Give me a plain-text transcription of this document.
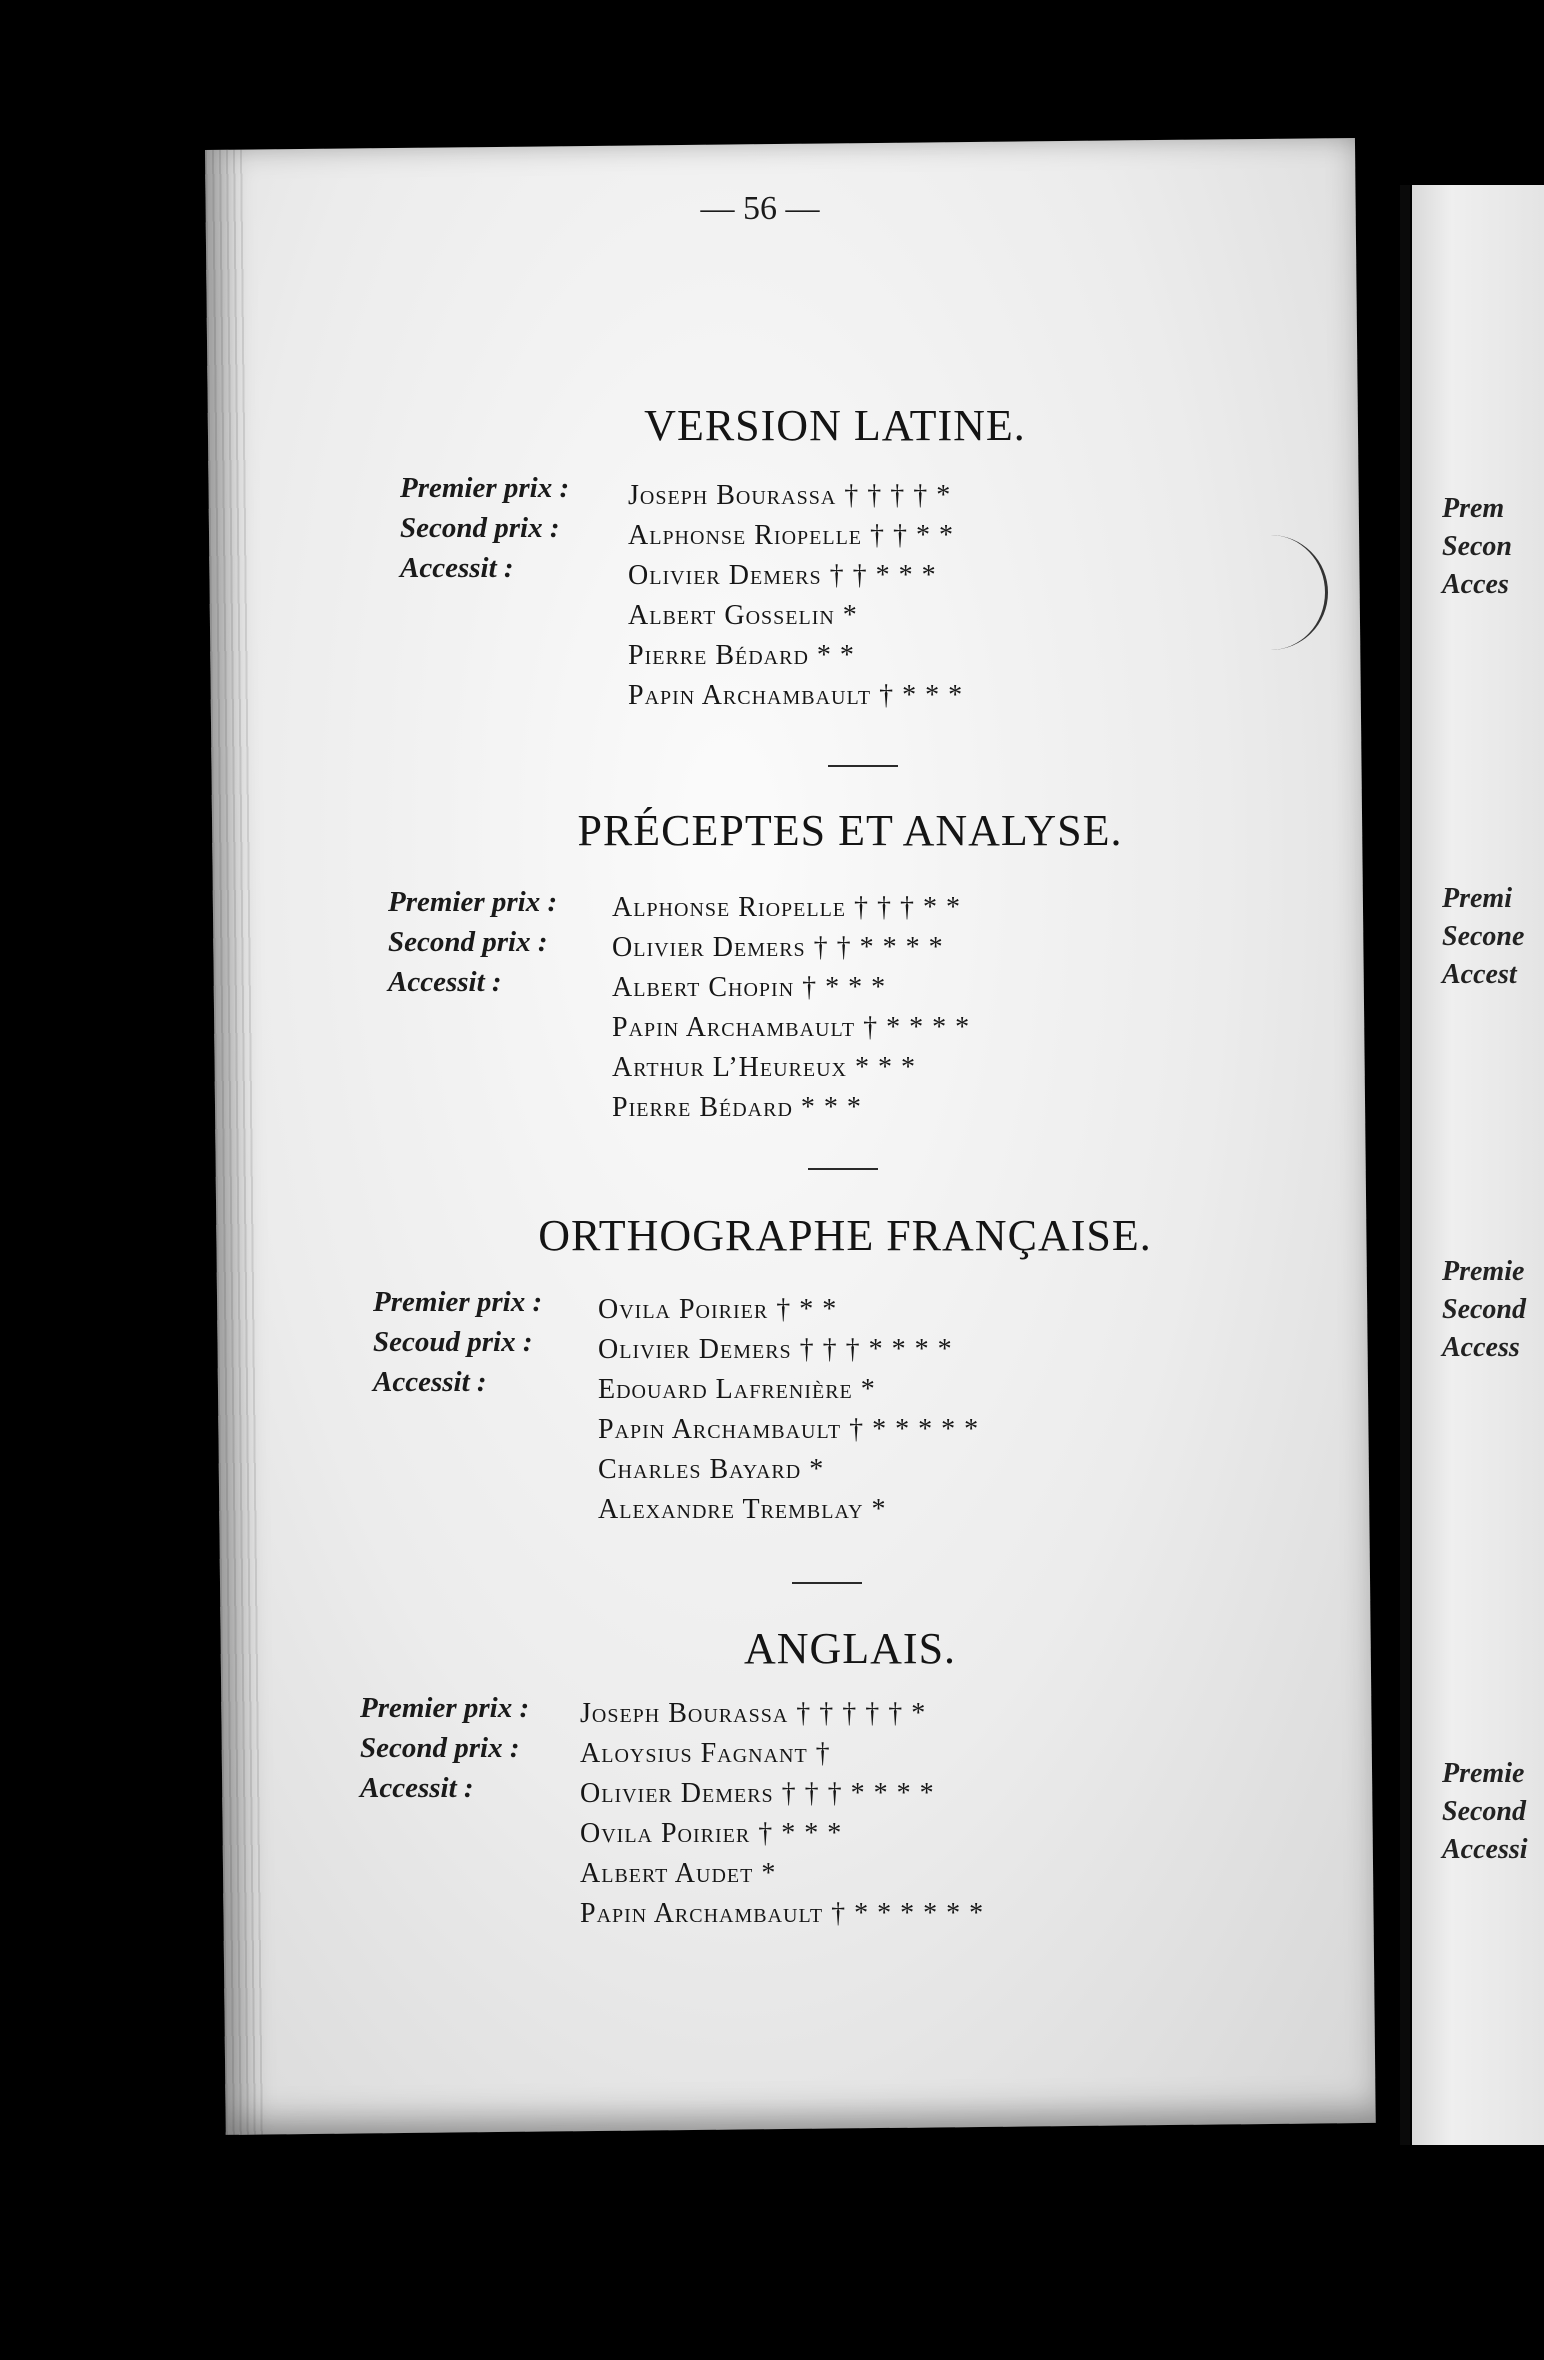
Prem
Secon
Acces
Premi
Secone
Accest
Premie
Second
Access
Premie
Second
Accessi
— 56 —
VERSION LATINE.
Premier prix :
Second prix :
Accessit :
Joseph Bourassa † † † † *
Alphonse Riopelle † † * *
Olivier Demers † † * * *
Albert Gosselin *
Pierre Bédard * *
Papin Archambault † * * *
PRÉCEPTES ET ANALYSE.
Premier prix :
Second prix :
Accessit :
Alphonse Riopelle † † † * *
Olivier Demers † † * * * *
Albert Chopin † * * *
Papin Archambault † * * * *
Arthur L’Heureux * * *
Pierre Bédard * * *
ORTHOGRAPHE FRANÇAISE.
Premier prix :
Secoud prix :
Accessit :
Ovila Poirier † * *
Olivier Demers † † † * * * *
Edouard Lafrenière *
Papin Archambault † * * * * *
Charles Bayard *
Alexandre Tremblay *
ANGLAIS.
Premier prix :
Second prix :
Accessit :
Joseph Bourassa † † † † † *
Aloysius Fagnant †
Olivier Demers † † † * * * *
Ovila Poirier † * * *
Albert Audet *
Papin Archambault † * * * * * *
